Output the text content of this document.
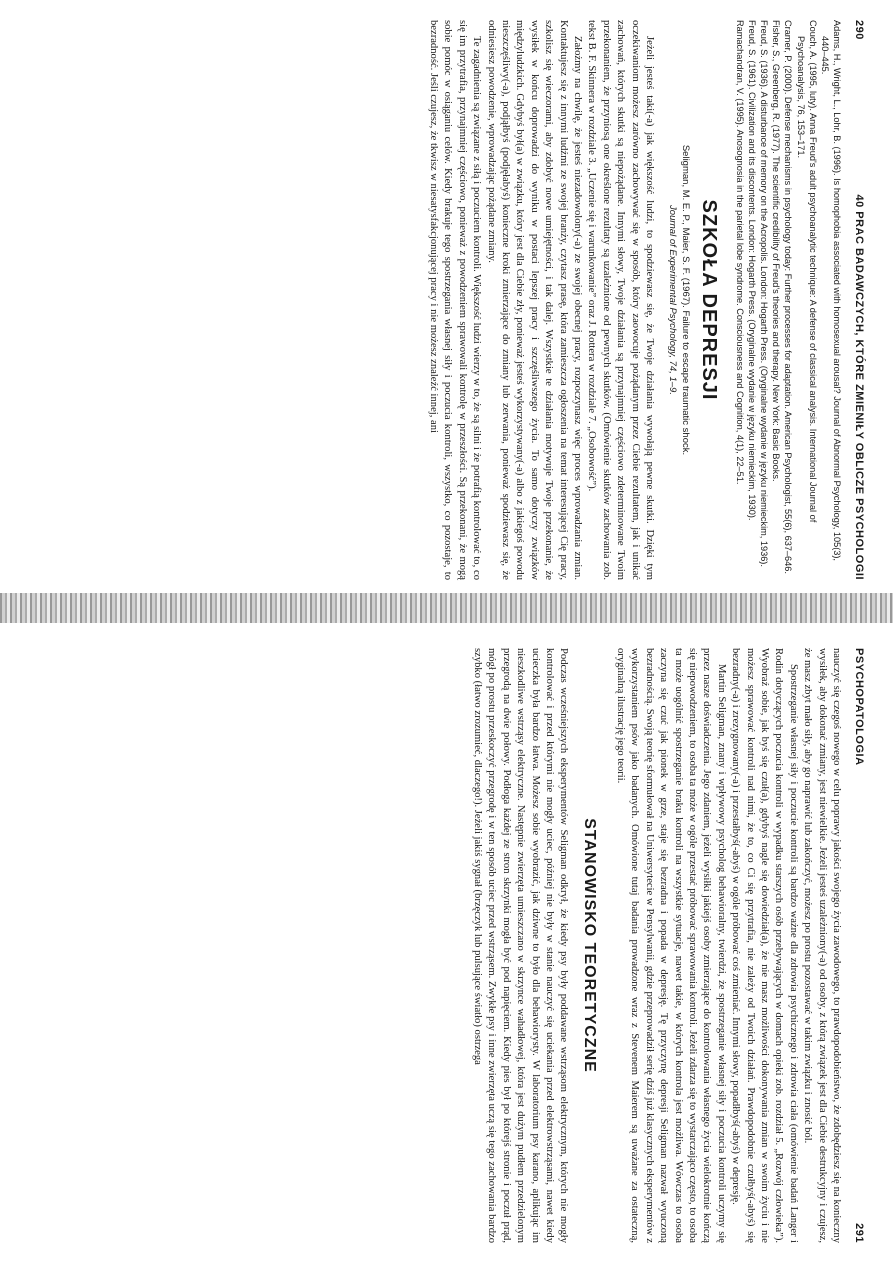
290
40 PRAC BADAWCZYCH, KTÓRE ZMIENIŁY OBLICZE PSYCHOLOGII

Adams, H., Wright, L., Lohr, B. (1996). Is homophobia associated with homosexual arousal? Journal of Abnormal Psychology, 105(3), 440–445.

Couch, A. (1995, luty). Anna Freud's adult psychoanalytic technique: A defense of classical analysis. International Journal of Psychoanalysis, 76, 153–171.

Cramer, P. (2000). Defense mechanisms in psychology today: Further processes for adaptation. American Psychologist, 55(6), 637–646.

Fisher, S., Greenberg, R. (1977). The scientific credibility of Freud's theories and therapy. New York: Basic Books.

Freud, S. (1936). A disturbance of memory on the Acropolis. London: Hogarth Press. (Oryginalne wydanie w języku niemieckim, 1936).

Freud, S. (1961). Civilization and its discontents. London: Hogarth Press. (Oryginalne wydanie w języku niemieckim, 1930).

Ramachandran, V. (1995). Anosognosia in the parietal lobe syndrome. Consciousness and Cognition, 4(1), 22–51.

SZKOŁA DEPRESJI
Seligman, M. E. P., Maier, S. F. (1967). Failure to escape traumatic shock.
Journal of Experimental Psychology, 74, 1–9.

Jeżeli jesteś taki(-a) jak większość ludzi, to spodziewasz się, że Twoje działania wywołają pewne skutki. Dzięki tym oczekiwaniom możesz zarówno zachowywać się w sposób, który zaowocuje pożądanym przez Ciebie rezultatem, jak i unikać zachowań, których skutki są niepożądane. Innymi słowy, Twoje działania są przynajmniej częściowo zdeterminowane Twoim przekonaniem, że przyniosą one określone rezultaty są uzależnione od pewnych skutków. (Omówienie skutków zachowania zob. tekst B. F. Skinnera w rozdziale 3. „Uczenie się i warunkowanie” oraz J. Rottera w rozdziale 7. „Osobowość”).

Założmy na chwilę, że jesteś niezadowolony(-a) ze swojej obecnej pracy, rozpoczynasz więc proces wprowadzania zmian. Kontaktujesz się z innymi ludźmi ze swojej branży, czytasz prasę, która zamieszcza ogłoszenia na temat interesującej Cię pracy, szkolisz się wieczorami, aby zdobyć nowe umiejętności, i tak dalej. Wszystkie te działania motywuje Twoje przekonanie, że wysiłek w końcu doprowadzi do wyniku w postaci lepszej pracy i szczęśliwszego życia. To samo dotyczy związków międzyludzkich. Gdybyś był(a) w związku, który jest dla Ciebie zły, ponieważ jesteś wykorzystywany(-a) albo z jakiegoś powodu nieszczęśliwy(-a), podjąłbyś (podjęłabyś) konieczne kroki zmierzające do zmiany lub zerwania, ponieważ spodziewasz się, że odniesiesz powodzenie, wprowadzając pożądane zmiany.

Te zagadnienia są związane z siłą i poczuciem kontroli. Większość ludzi wierzy w to, że są silni i że potrafią kontrolować to, co się im przytrafia, przynajmniej częściowo, ponieważ z powodzeniem sprawowali kontrolę w przeszłości. Są przekonani, że mogą sobie pomóc w osiąganiu celów. Kiedy brakuje tego spostrzegania własnej siły i poczucia kontroli, wszystko, co pozostaje, to bezradność. Jeśli czujesz, że tkwisz w niesatysfakcjonującej pracy i nie możesz znaleźć innej, ani

PSYCHOPATOLOGIA
291

nauczyć się czegoś nowego w celu poprawy jakości swojego życia zawodowego, to prawdopodobieństwo, że zdobędziesz się na konieczny wysiłek, aby dokonać zmiany, jest niewielkie. Jeżeli jesteś uzależniony(-a) od osoby, z którą związek jest dla Ciebie destrukcyjny i czujesz, że masz zbyt mało siły, aby go naprawić lub zakończyć, możesz po prostu pozostawać w takim związku i znosić ból.

Spostrzeganie własnej siły i poczucie kontroli są bardzo ważne dla zdrowia psychicznego i zdrowia ciała (omówienie badań Langer i Rodin dotyczących poczucia kontroli w wypadku starszych osób przebywających w domach opieki zob. rozdział 5. „Rozwój człowieka”). Wyobraź sobie, jak byś się czuł(a), gdybyś nagle się dowiedział(a), że nie masz możliwości dokonywania zmian w swoim życiu i nie możesz sprawować kontroli nad nimi, że to, co Ci się przytrafia, nie zależy od Twoich działań. Prawdopodobnie czułbyś(-abyś) się bezradny(-a) i zrezygnowany(-a) i przestałbyś(-abyś) w ogóle próbować coś zmieniać. Innymi słowy, popadłbyś(-abyś) w depresję.

Martin Seligman, znany i wpływowy psycholog behawioralny, twierdzi, że spostrzeganie własnej siły i poczucia kontroli uczymy się przez nasze doświadczenia. Jego zdaniem, jeżeli wysiłki jakiejś osoby zmierzające do kontrolowania własnego życia wielokrotnie kończą się niepowodzeniem, to osoba ta może w ogóle przestać próbować sprawowania kontroli. Jeżeli zdarza się to wystarczająco często, to osoba ta może uogólnić spostrzeganie braku kontroli na wszystkie sytuacje, nawet takie, w których kontrola jest możliwa. Wówczas to osoba zaczyna się czuć jak pionek w grze, staje się bezradna i popada w depresję. Tę przyczynę depresji Seligman nazwał wyuczoną bezradnością. Swoją teorię sformułował na Uniwersytecie w Pensylwanii, gdzie przeprowadził serię dziś już klasycznych eksperymentów z wykorzystaniem psów jako badanych. Omówione tutaj badania prowadzone wraz z Stevenem Maierem są uważane za ostateczną, oryginalną ilustrację jego teorii.

STANOWISKO TEORETYCZNE

Podczas wcześniejszych eksperymentów Seligman odkrył, że kiedy psy były poddawane wstrząsom elektrycznym, których nie mogły kontrolować i przed którymi nie mogły uciec, później nie były w stanie nauczyć się uciekania przed elektrowstrząsami, nawet kiedy ucieczka była bardzo łatwa. Możesz sobie wyobrazić, jak dziwne to było dla behawiorysty. W laboratorium psy karano, aplikując im nieszkodliwe wstrząsy elektryczne. Następnie zwierzęta umieszczano w skrzynce wahadłowej, która jest dużym pudłem przedzielonym przegrodą na dwie połowy. Podłoga każdej ze stron skrzynki mogła być pod napięciem. Kiedy pies był po którejś stronie i poczuł prąd, mógł po prostu przeskoczyć przegrodę i w ten sposób uciec przed wstrząsem. Zwykłe psy i inne zwierzęta uczą się tego zachowania bardzo szybko (łatwo zrozumieć, dlaczego!). Jeżeli jakiś sygnał (brzęczyk lub pulsujące światło) ostrzega
